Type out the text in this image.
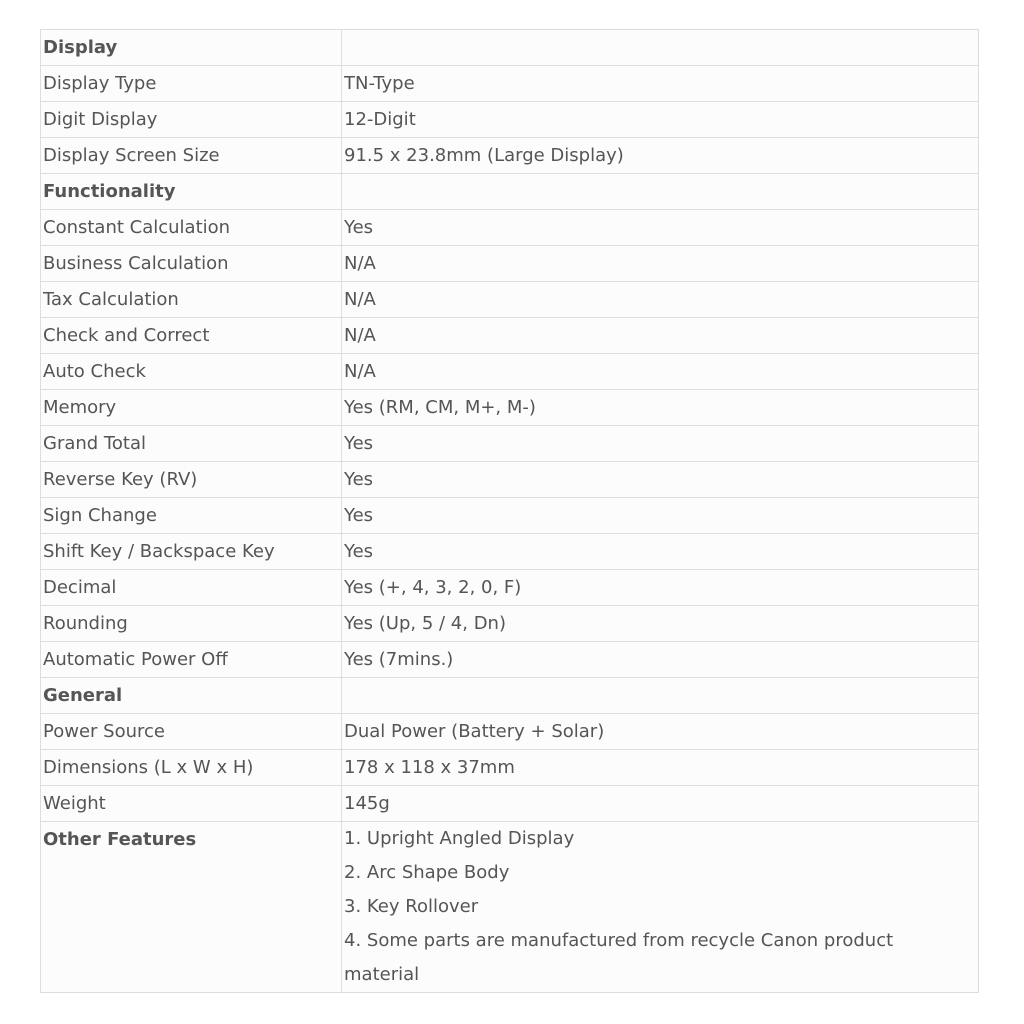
Display	
Display Type	TN-Type
Digit Display	12-Digit
Display Screen Size	91.5 x 23.8mm (Large Display)
Functionality	
Constant Calculation	Yes
Business Calculation	N/A
Tax Calculation	N/A
Check and Correct	N/A
Auto Check	N/A
Memory	Yes (RM, CM, M+, M-)
Grand Total	Yes
Reverse Key (RV)	Yes
Sign Change	Yes
Shift Key / Backspace Key	Yes
Decimal	Yes (+, 4, 3, 2, 0, F)
Rounding	Yes (Up, 5 / 4, Dn)
Automatic Power Off	Yes (7mins.)
General	
Power Source	Dual Power (Battery + Solar)
Dimensions (L x W x H)	178 x 118 x 37mm
Weight	145g
Other Features	1. Upright Angled Display
2. Arc Shape Body
3. Key Rollover
4. Some parts are manufactured from recycle Canon product material
